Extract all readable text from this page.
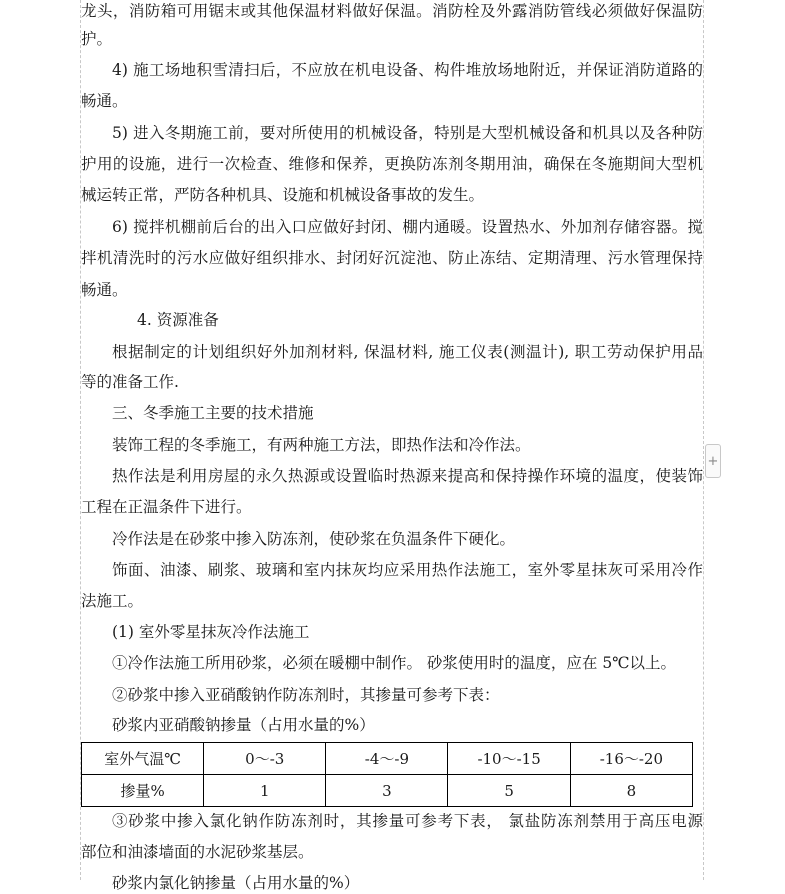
龙头，消防箱可用锯末或其他保温材料做好保温。消防栓及外露消防管线必须做好保温防
护。
4) 施工场地积雪清扫后，不应放在机电设备、构件堆放场地附近，并保证消防道路的
畅通。
5) 进入冬期施工前，要对所使用的机械设备，特别是大型机械设备和机具以及各种防
护用的设施，进行一次检查、维修和保养，更换防冻剂冬期用油，确保在冬施期间大型机
械运转正常，严防各种机具、设施和机械设备事故的发生。
6) 搅拌机棚前后台的出入口应做好封闭、棚内通暖。设置热水、外加剂存储容器。搅
拌机清洗时的污水应做好组织排水、封闭好沉淀池、防止冻结、定期清理、污水管理保持
畅通。
4. 资源准备
根据制定的计划组织好外加剂材料, 保温材料, 施工仪表(测温计), 职工劳动保护用品
等的准备工作.
三、冬季施工主要的技术措施
装饰工程的冬季施工，有两种施工方法，即热作法和冷作法。
热作法是利用房屋的永久热源或设置临时热源来提高和保持操作环境的温度，使装饰
工程在正温条件下进行。
冷作法是在砂浆中掺入防冻剂，使砂浆在负温条件下硬化。
饰面、油漆、刷浆、玻璃和室内抹灰均应采用热作法施工，室外零星抹灰可采用冷作
法施工。
(1) 室外零星抹灰冷作法施工
①冷作法施工所用砂浆，必须在暖棚中制作。 砂浆使用时的温度，应在 5℃以上。
②砂浆中掺入亚硝酸钠作防冻剂时，其掺量可参考下表：
砂浆内亚硝酸钠掺量（占用水量的%）
室外气温℃	0～-3	-4～-9	-10～-15	-16～-20
掺量%	1	3	5	8
③砂浆中掺入氯化钠作防冻剂时，其掺量可参考下表， 氯盐防冻剂禁用于高压电源
部位和油漆墙面的水泥砂浆基层。
砂浆内氯化钠掺量（占用水量的%）
+
